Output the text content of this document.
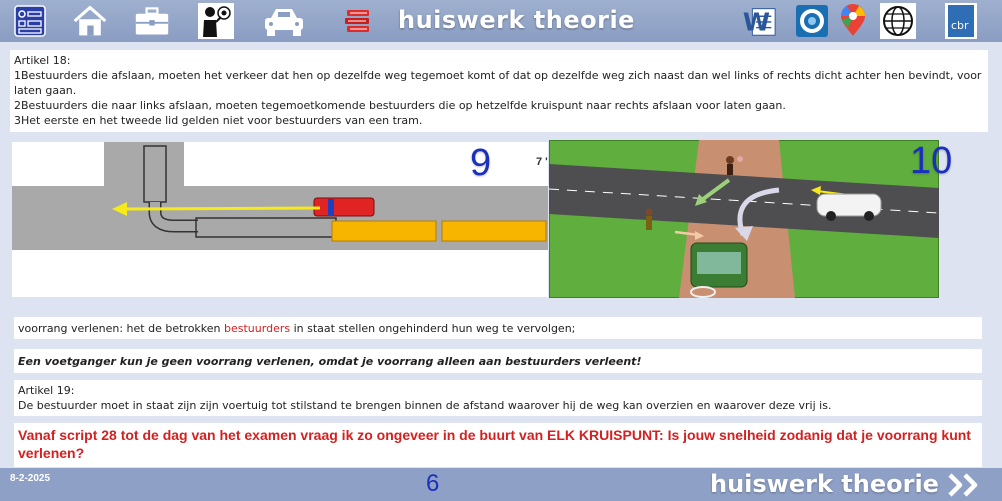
huiswerk theorie	W	cbr
Artikel 18:
1Bestuurders die afslaan, moeten het verkeer dat hen op dezelfde weg tegemoet komt of dat op dezelfde weg zich naast dan wel links of rechts dicht achter hen bevindt, voor laten gaan.
2Bestuurders die naar links afslaan, moeten tegemoetkomende bestuurders die op hetzelfde kruispunt naar rechts afslaan voor laten gaan.
3Het eerste en het tweede lid gelden niet voor bestuurders van een tram.
9	7 '	10
voorrang verlenen: het de betrokken bestuurders in staat stellen ongehinderd hun weg te vervolgen;
Een voetganger kun je geen voorrang verlenen, omdat je voorrang alleen aan bestuurders verleent!
Artikel 19:
De bestuurder moet in staat zijn zijn voertuig tot stilstand te brengen binnen de afstand waarover hij de weg kan overzien en waarover deze vrij is.
Vanaf script 28 tot de dag van het examen vraag ik zo ongeveer in de buurt van ELK KRUISPUNT: Is jouw snelheid zodanig dat je voorrang kunt verlenen?
8-2-2025	6	huiswerk theorie
